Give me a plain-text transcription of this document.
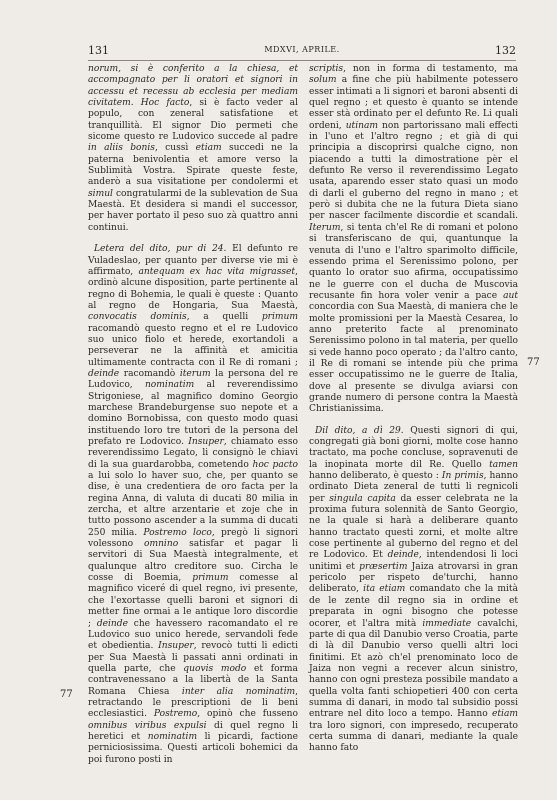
131	MDXVI, APRILE.	132
77
77

norum, si è conferito a la chiesa, et accompagnato per li oratori et signori in accessu et recessu ab ecclesia per mediam civitatem. Hoc facto, si è facto veder al populo, con zeneral satisfatione et tranquillità. El signor Dio permeti che sicome questo re Ludovico succede al padre in aliis bonis, cussì etiam succedi ne la paterna benivolentia et amore verso la Sublimità Vostra. Spirate queste feste, anderò a sua visitatione per condolermi et simul congratularmi de la sublevation de Sua Maestà. Et desidera si mandi el successor, per haver portato il peso suo zà quattro anni continui.

Letera del dito, pur di 24. El defunto re Vuladeslao, per quanto per diverse vie mi è affirmato, antequam ex hac vita migrasset, ordinò alcune disposition, parte pertinente al regno di Bohemia, le quali è queste : Quanto al regno de Hongaria, Sua Maestà, convocatis dominis, a quelli primum racomandò questo regno et el re Ludovico suo unico fiolo et herede, exortandoli a perseverar ne la affinità et amicitia ultimamente contracta con il Re di romani ; deinde racomandò iterum la persona del re Ludovico, nominatim al reverendissimo Strigoniese, al magnifico domino Georgio marchese Brandeburgense suo nepote et a domino Bornobissa, con questo modo quasi instituendo loro tre tutori de la persona del prefato re Lodovico. Insuper, chiamato esso reverendissimo Legato, li consignò le chiavi di la sua guardarobba, cometendo hoc pacto a lui solo lo haver suo, che, per quanto se dise, è una credentiera de oro facta per la regina Anna, di valuta di ducati 80 milia in zercha, et altre arzentarie et zoje che in tutto possono ascender a la summa di ducati 250 milia. Postremo loco, pregò li signori volessono omnino satisfar et pagar li servitori di Sua Maestà integralmente, et qualunque altro creditore suo. Circha le cosse di Boemia, primum comesse al magnifico viceré di quel regno, ivi presente, che l'exortasse quelli baroni et signori di metter fine ormai a le antique loro discordie ; deinde che havessero racomandato el re Ludovico suo unico herede, servandoli fede et obedientia. Insuper, revocò tutti li edicti per Sua Maestà li passati anni ordinati in quella parte, che quovis modo et forma contravenessano a la libertà de la Santa Romana Chiesa inter alia nominatim, retractando le prescriptioni de li beni ecclesiastici. Postremo, opinò che fusseno omnibus viribus expulsi di quel regno li heretici et nominatim li picardi, factione perniciosissima. Questi articoli bohemici da poi furono posti in

scriptis, non in forma di testamento, ma solum a fine che più habilmente potessero esser intimati a li signori et baroni absenti di quel regno ; et questo è quanto se intende esser stà ordinato per el defunto Re. Li quali ordeni, utinam non partorissano mali effecti in l'uno et l'altro regno ; et già di qui principia a discoprirsi qualche cigno, non piacendo a tutti la dimostratione pèr el defunto Re verso il reverendissimo Legato usata, aparendo esser stato quasi un modo di darli el guberno del regno in mano ; et però si dubita che ne la futura Dieta siano per nascer facilmente discordie et scandali. Iterum, si tenta ch'el Re di romani et polono si transferiscano de qui, quantunque la venuta di l'uno e l'altro sparimolto difficile, essendo prima el Serenissimo polono, per quanto lo orator suo afirma, occupatissimo ne le guerre con el ducha de Muscovia recusante fin hora voler venir a pace aut concordia con Sua Maestà, di maniera che le molte promissioni per la Maestà Cesarea, lo anno preterito facte al prenominato Serenissimo polono in tal materia, per quello si vede hanno poco operato ; da l'altro canto, il Re di romani se intende più che prima esser occupatissimo ne le guerre de Italia, dove al presente se divulga aviarsi con grande numero di persone contra la Maestà Christianissima.

Dil dito, a dì 29. Questi signori di qui, congregati già boni giorni, molte cose hanno tractato, ma poche concluse, sopravenuti de la inopinata morte dil Re. Quello tamen hanno deliberato, è questo : In primis, hanno ordinato Dieta zeneral de tutti li regnicoli per singula capita da esser celebrata ne la proxima futura solennità de Santo Georgio, ne la quale si harà a deliberare quanto hanno tractato questi zorni, et molte altre cose pertinente al guberno del regno et del re Lodovico. Et deinde, intendendosi li loci unitimi et præsertim Jaiza atrovarsi in gran pericolo per rispeto de'turchi, hanno deliberato, ita etiam comandato che la mità de le zente dil regno sia in ordine et preparata in ogni bisogno che potesse ocorer, et l'altra mità immediate cavalchi, parte di qua dil Danubio verso Croatia, parte di là dil Danubio verso quelli altri loci finitimi. Et azò ch'el prenominato loco de Jaiza non vegni a recever alcun sinistro, hanno con ogni presteza possibile mandato a quella volta fanti schiopetieri 400 con certa summa di danari, in modo tal subsidio possi entrare nel dito loco a tempo. Hanno etiam tra loro signori, con impresedo, recuperato certa summa di danari, mediante la quale hanno fato
